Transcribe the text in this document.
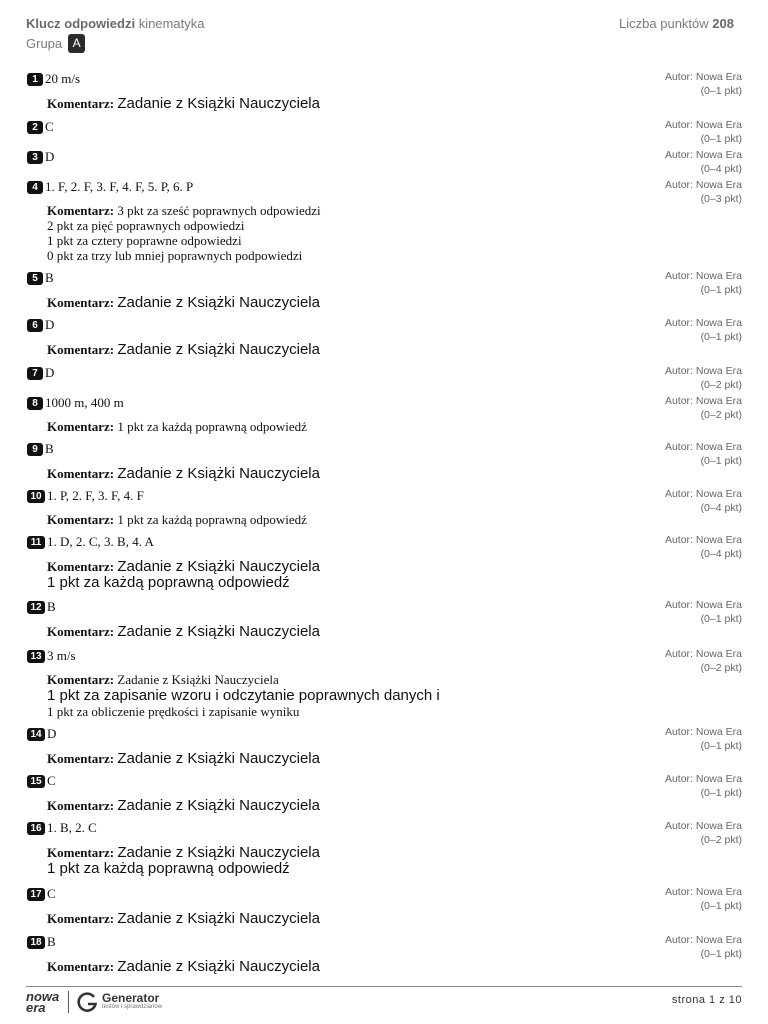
Klucz odpowiedzi kinematyka	Liczba punktów 208
Grupa A
1 20 m/s	Autor: Nowa Era
(0–1 pkt)
Komentarz: Zadanie z Książki Nauczyciela
2 C	Autor: Nowa Era
(0–1 pkt)
3 D	Autor: Nowa Era
(0–4 pkt)
4 1. F, 2. F, 3. F, 4. F, 5. P, 6. P	Autor: Nowa Era
(0–3 pkt)
Komentarz: 3 pkt za sześć poprawnych odpowiedzi
2 pkt za pięć poprawnych odpowiedzi
1 pkt za cztery poprawne odpowiedzi
0 pkt za trzy lub mniej poprawnych podpowiedzi
5 B	Autor: Nowa Era
(0–1 pkt)
Komentarz: Zadanie z Książki Nauczyciela
6 D	Autor: Nowa Era
(0–1 pkt)
Komentarz: Zadanie z Książki Nauczyciela
7 D	Autor: Nowa Era
(0–2 pkt)
8 1000 m, 400 m	Autor: Nowa Era
(0–2 pkt)
Komentarz: 1 pkt za każdą poprawną odpowiedź
9 B	Autor: Nowa Era
(0–1 pkt)
Komentarz: Zadanie z Książki Nauczyciela
10 1. P, 2. F, 3. F, 4. F	Autor: Nowa Era
(0–4 pkt)
Komentarz: 1 pkt za każdą poprawną odpowiedź
11 1. D, 2. C, 3. B, 4. A	Autor: Nowa Era
(0–4 pkt)
Komentarz: Zadanie z Książki Nauczyciela
1 pkt za każdą poprawną odpowiedź
12 B	Autor: Nowa Era
(0–1 pkt)
Komentarz: Zadanie z Książki Nauczyciela
13 3 m/s	Autor: Nowa Era
(0–2 pkt)
Komentarz: Zadanie z Książki Nauczyciela
1 pkt za zapisanie wzoru i odczytanie poprawnych danych i
1 pkt za obliczenie prędkości i zapisanie wyniku
14 D	Autor: Nowa Era
(0–1 pkt)
Komentarz: Zadanie z Książki Nauczyciela
15 C	Autor: Nowa Era
(0–1 pkt)
Komentarz: Zadanie z Książki Nauczyciela
16 1. B, 2. C	Autor: Nowa Era
(0–2 pkt)
Komentarz: Zadanie z Książki Nauczyciela
1 pkt za każdą poprawną odpowiedź
17 C	Autor: Nowa Era
(0–1 pkt)
Komentarz: Zadanie z Książki Nauczyciela
18 B	Autor: Nowa Era
(0–1 pkt)
Komentarz: Zadanie z Książki Nauczyciela
nowa
era
Generator
testów i sprawdzianów
strona 1 z 10
